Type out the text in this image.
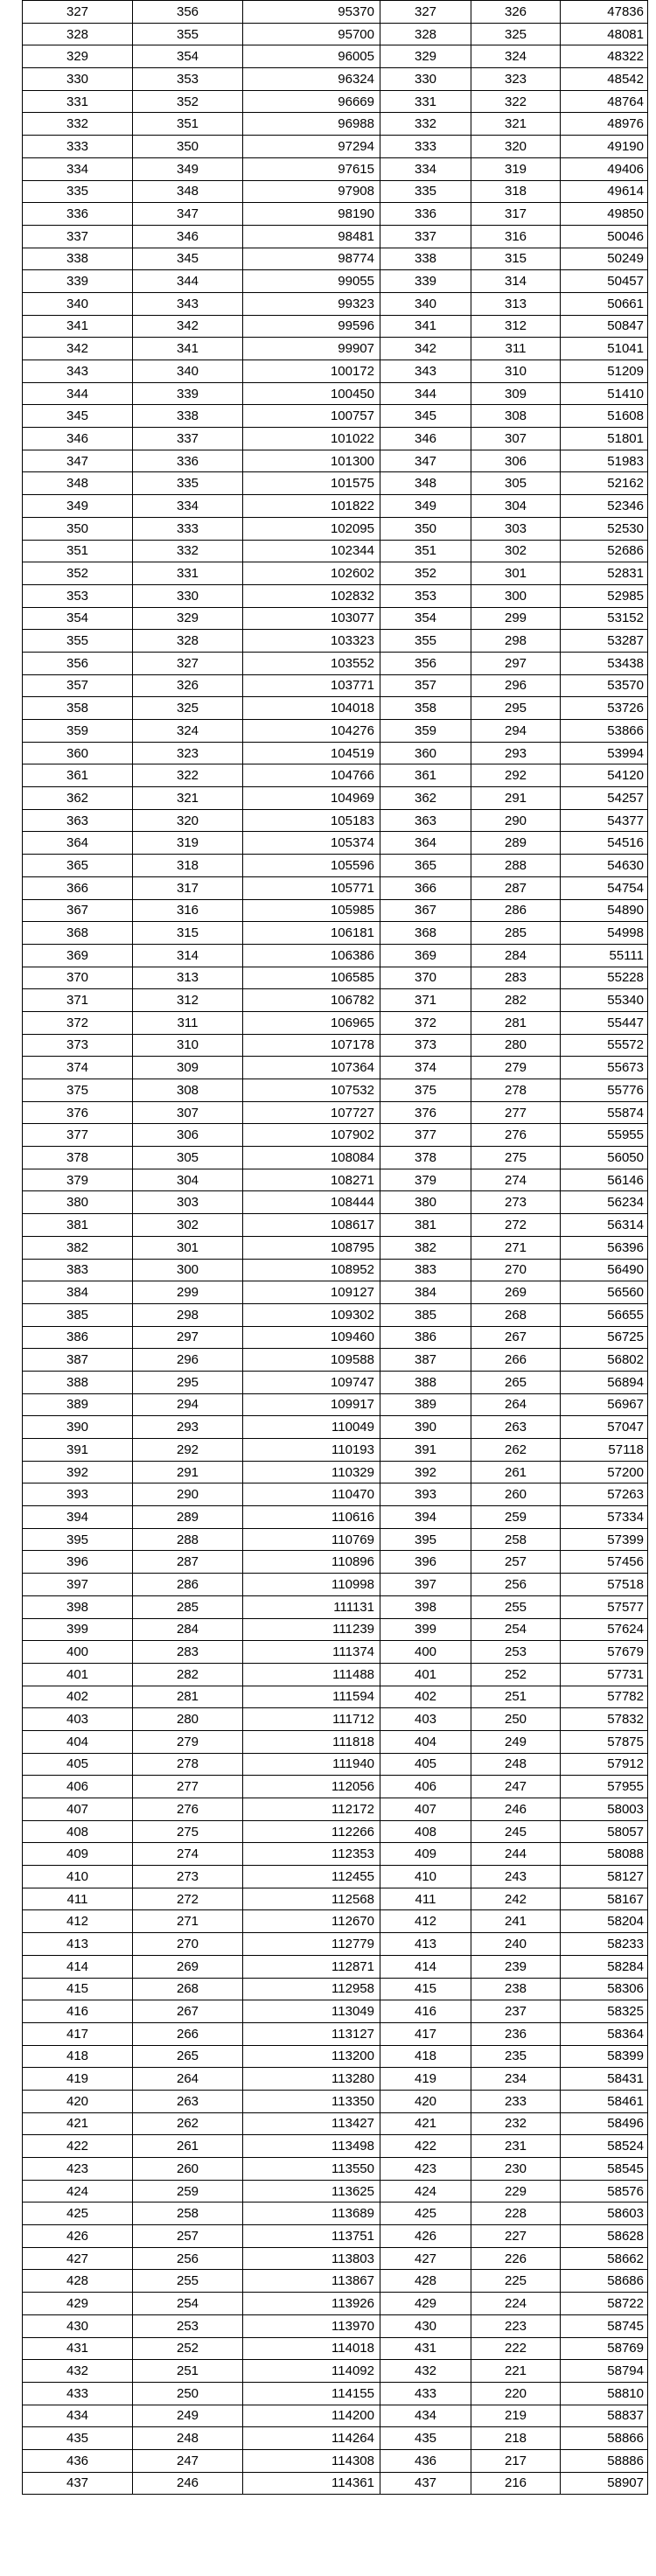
327	356	95370	327	326	47836
328	355	95700	328	325	48081
329	354	96005	329	324	48322
330	353	96324	330	323	48542
331	352	96669	331	322	48764
332	351	96988	332	321	48976
333	350	97294	333	320	49190
334	349	97615	334	319	49406
335	348	97908	335	318	49614
336	347	98190	336	317	49850
337	346	98481	337	316	50046
338	345	98774	338	315	50249
339	344	99055	339	314	50457
340	343	99323	340	313	50661
341	342	99596	341	312	50847
342	341	99907	342	311	51041
343	340	100172	343	310	51209
344	339	100450	344	309	51410
345	338	100757	345	308	51608
346	337	101022	346	307	51801
347	336	101300	347	306	51983
348	335	101575	348	305	52162
349	334	101822	349	304	52346
350	333	102095	350	303	52530
351	332	102344	351	302	52686
352	331	102602	352	301	52831
353	330	102832	353	300	52985
354	329	103077	354	299	53152
355	328	103323	355	298	53287
356	327	103552	356	297	53438
357	326	103771	357	296	53570
358	325	104018	358	295	53726
359	324	104276	359	294	53866
360	323	104519	360	293	53994
361	322	104766	361	292	54120
362	321	104969	362	291	54257
363	320	105183	363	290	54377
364	319	105374	364	289	54516
365	318	105596	365	288	54630
366	317	105771	366	287	54754
367	316	105985	367	286	54890
368	315	106181	368	285	54998
369	314	106386	369	284	55111
370	313	106585	370	283	55228
371	312	106782	371	282	55340
372	311	106965	372	281	55447
373	310	107178	373	280	55572
374	309	107364	374	279	55673
375	308	107532	375	278	55776
376	307	107727	376	277	55874
377	306	107902	377	276	55955
378	305	108084	378	275	56050
379	304	108271	379	274	56146
380	303	108444	380	273	56234
381	302	108617	381	272	56314
382	301	108795	382	271	56396
383	300	108952	383	270	56490
384	299	109127	384	269	56560
385	298	109302	385	268	56655
386	297	109460	386	267	56725
387	296	109588	387	266	56802
388	295	109747	388	265	56894
389	294	109917	389	264	56967
390	293	110049	390	263	57047
391	292	110193	391	262	57118
392	291	110329	392	261	57200
393	290	110470	393	260	57263
394	289	110616	394	259	57334
395	288	110769	395	258	57399
396	287	110896	396	257	57456
397	286	110998	397	256	57518
398	285	111131	398	255	57577
399	284	111239	399	254	57624
400	283	111374	400	253	57679
401	282	111488	401	252	57731
402	281	111594	402	251	57782
403	280	111712	403	250	57832
404	279	111818	404	249	57875
405	278	111940	405	248	57912
406	277	112056	406	247	57955
407	276	112172	407	246	58003
408	275	112266	408	245	58057
409	274	112353	409	244	58088
410	273	112455	410	243	58127
411	272	112568	411	242	58167
412	271	112670	412	241	58204
413	270	112779	413	240	58233
414	269	112871	414	239	58284
415	268	112958	415	238	58306
416	267	113049	416	237	58325
417	266	113127	417	236	58364
418	265	113200	418	235	58399
419	264	113280	419	234	58431
420	263	113350	420	233	58461
421	262	113427	421	232	58496
422	261	113498	422	231	58524
423	260	113550	423	230	58545
424	259	113625	424	229	58576
425	258	113689	425	228	58603
426	257	113751	426	227	58628
427	256	113803	427	226	58662
428	255	113867	428	225	58686
429	254	113926	429	224	58722
430	253	113970	430	223	58745
431	252	114018	431	222	58769
432	251	114092	432	221	58794
433	250	114155	433	220	58810
434	249	114200	434	219	58837
435	248	114264	435	218	58866
436	247	114308	436	217	58886
437	246	114361	437	216	58907
